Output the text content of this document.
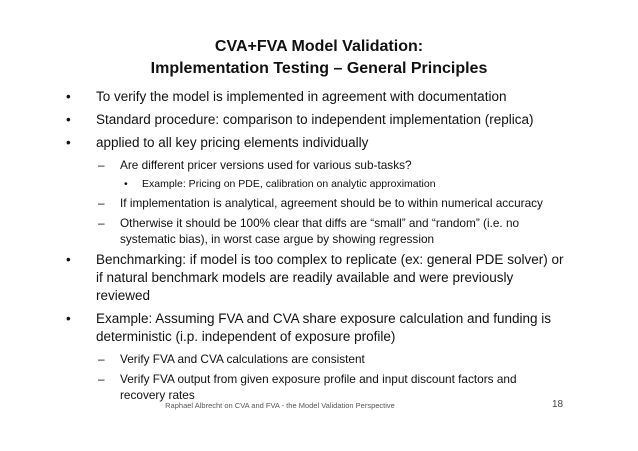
CVA+FVA Model Validation:
Implementation Testing – General Principles
• To verify the model is implemented in agreement with documentation
• Standard procedure: comparison to independent implementation (replica)
• applied to all key pricing elements individually
– Are different pricer versions used for various sub-tasks?
• Example: Pricing on PDE, calibration on analytic approximation
– If implementation is analytical, agreement should be to within numerical accuracy
– Otherwise it should be 100% clear that diffs are “small” and “random” (i.e. no
systematic bias), in worst case argue by showing regression
• Benchmarking: if model is too complex to replicate (ex: general PDE solver) or
if natural benchmark models are readily available and were previously
reviewed
• Example: Assuming FVA and CVA share exposure calculation and funding is
deterministic (i.p. independent of exposure profile)
– Verify FVA and CVA calculations are consistent
– Verify FVA output from given exposure profile and input discount factors and
recovery rates
Raphael Albrecht on CVA and FVA - the Model Validation Perspective	18
